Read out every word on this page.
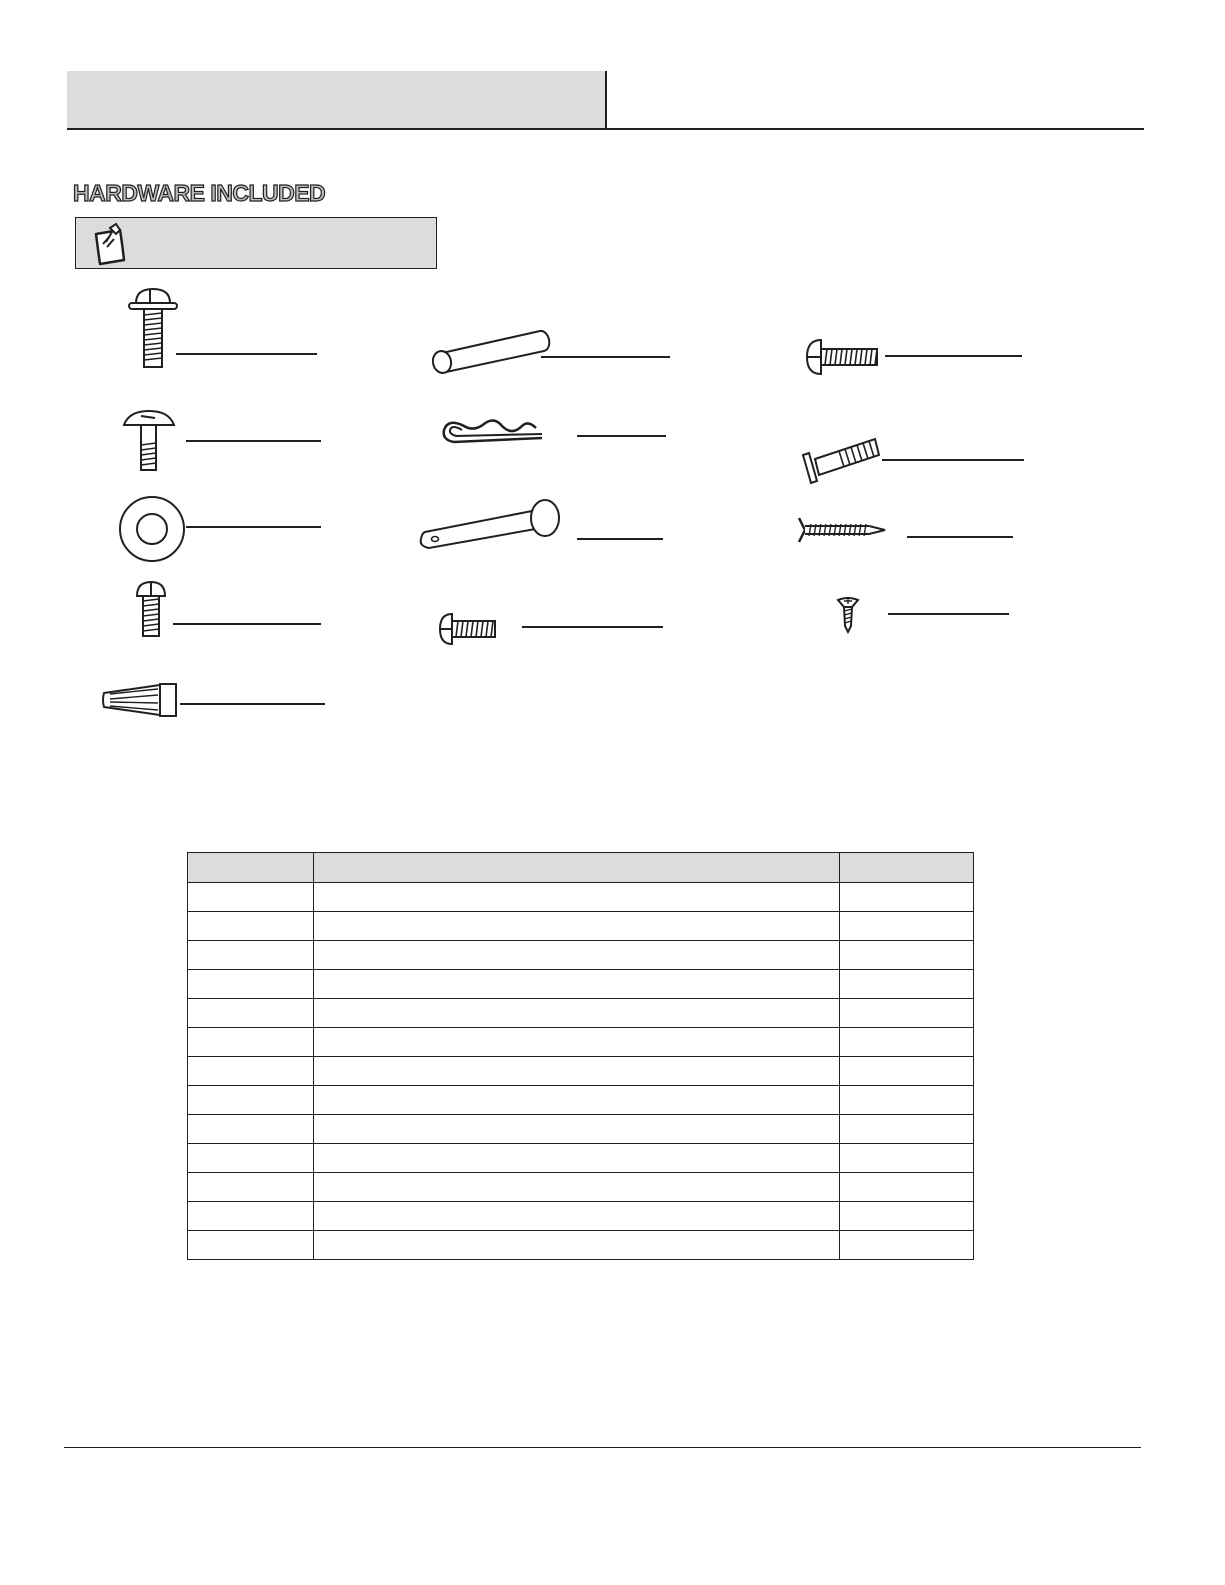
HARDWARE INCLUDED
